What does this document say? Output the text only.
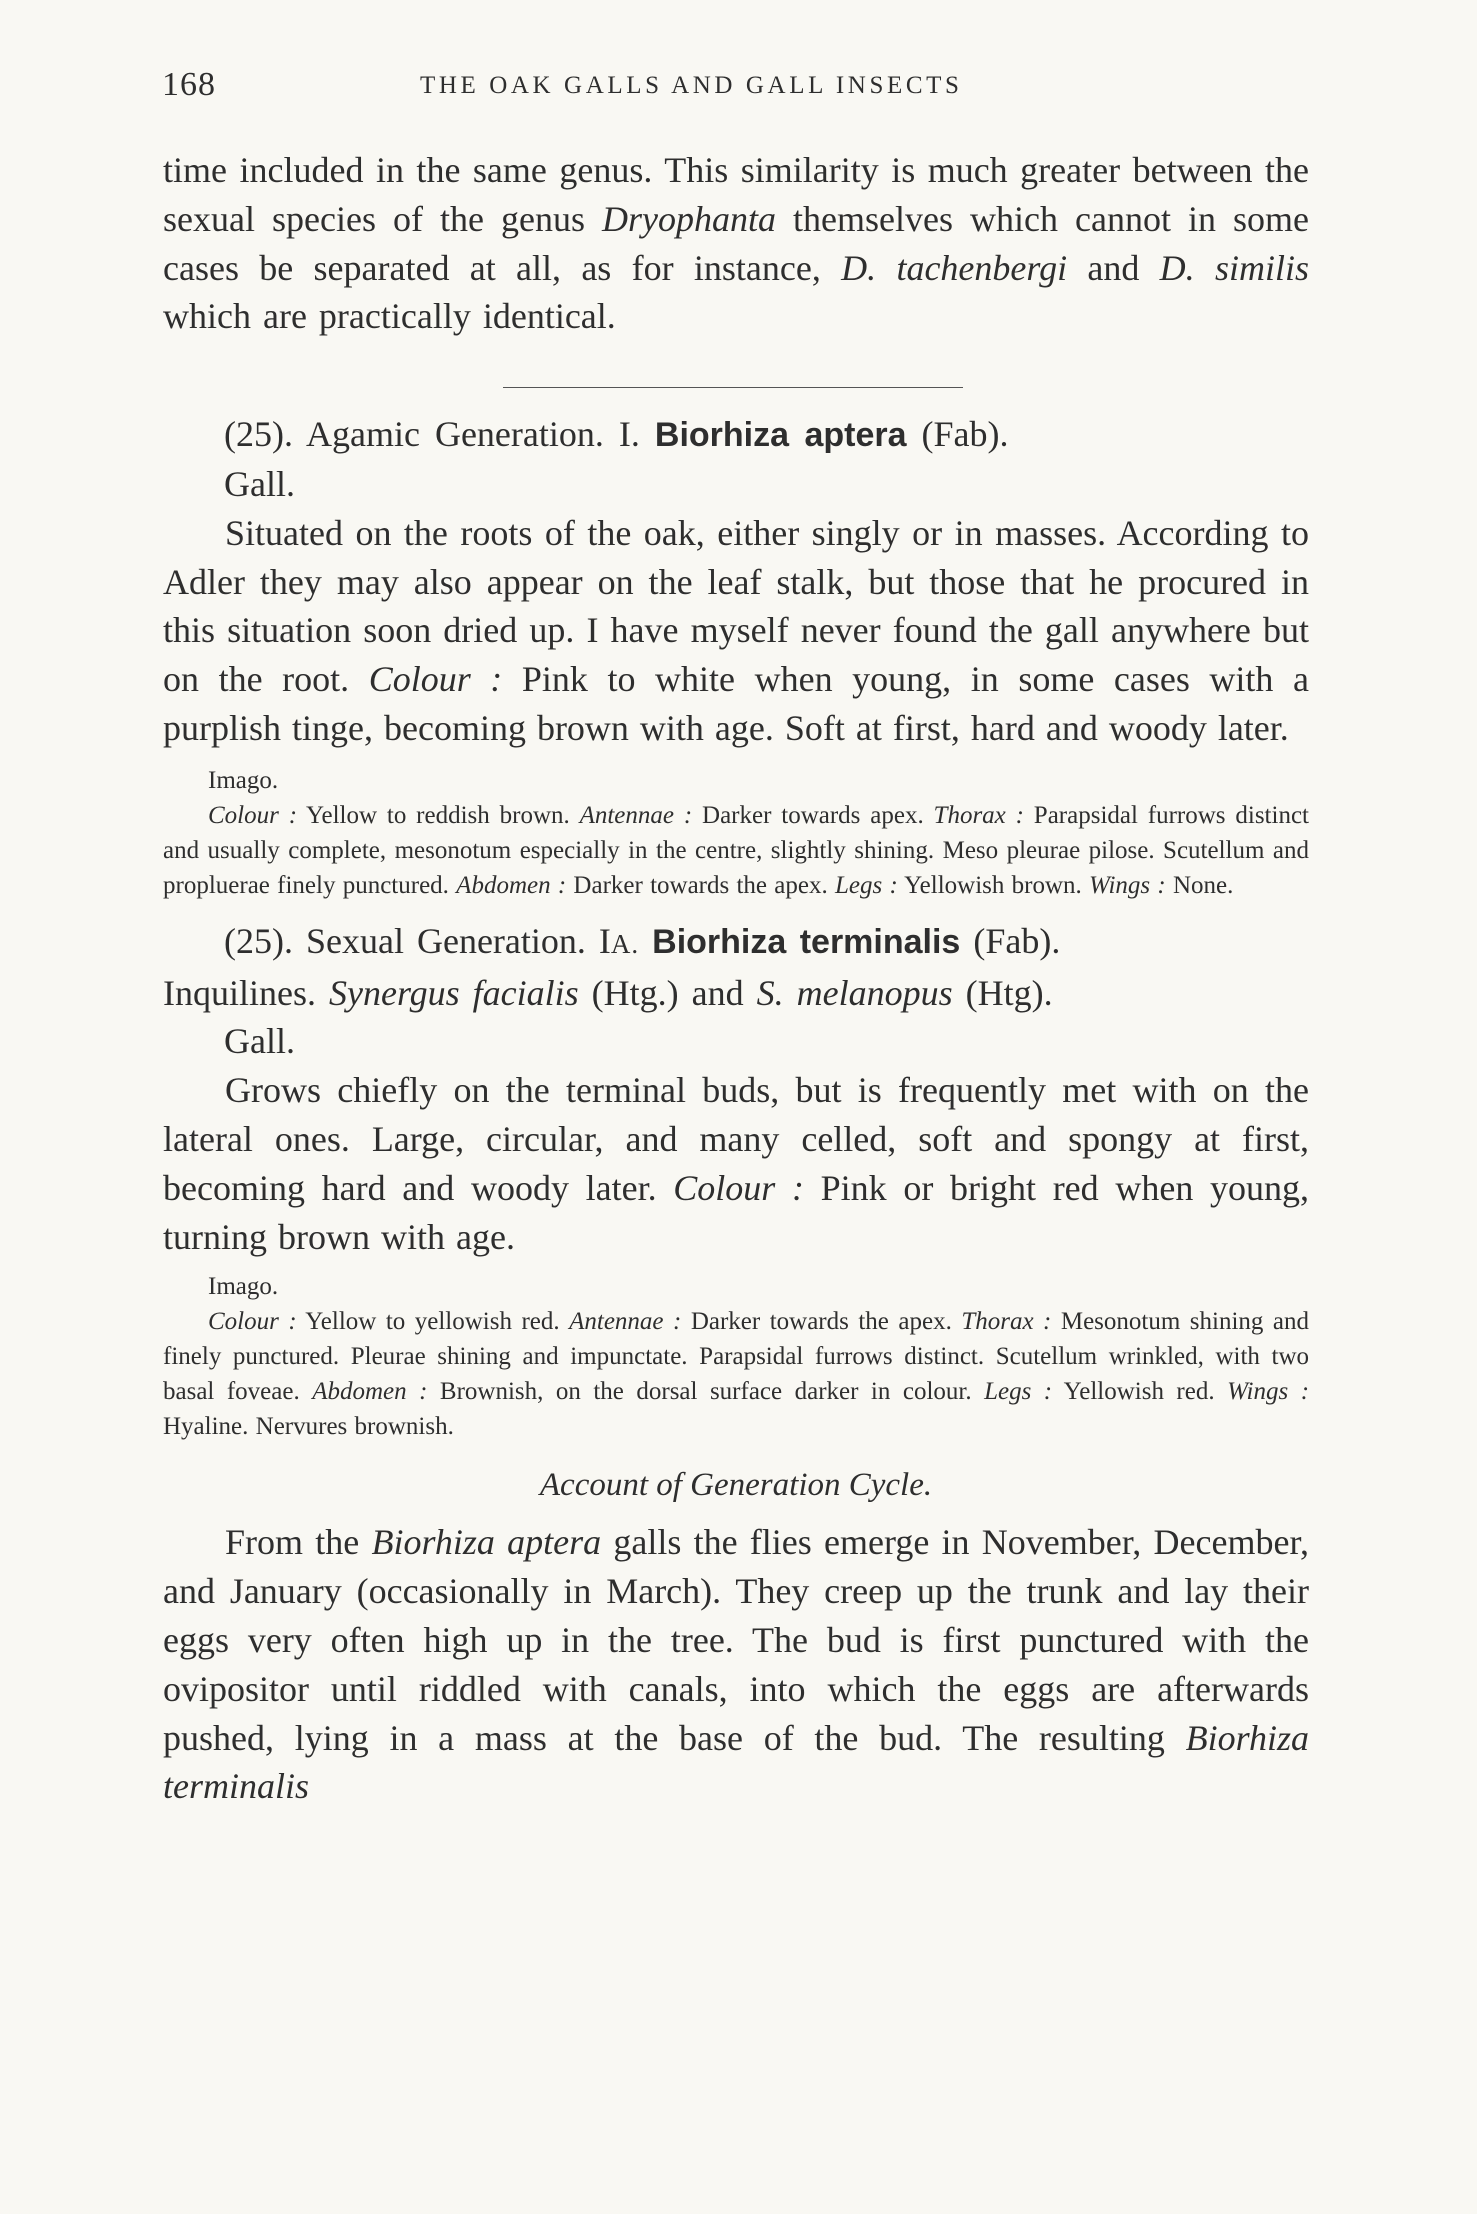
168	THE OAK GALLS AND GALL INSECTS

time included in the same genus. This similarity is much greater between the sexual species of the genus Dryophanta themselves which cannot in some cases be separated at all, as for instance, D. tachenbergi and D. similis which are practically identical.

(25). Agamic Generation. I. Biorhiza aptera (Fab).

Gall.

Situated on the roots of the oak, either singly or in masses. According to Adler they may also appear on the leaf stalk, but those that he procured in this situation soon dried up. I have myself never found the gall anywhere but on the root. Colour : Pink to white when young, in some cases with a purplish tinge, becoming brown with age. Soft at first, hard and woody later.

Imago.

Colour : Yellow to reddish brown. Antennae : Darker towards apex. Thorax : Parapsidal furrows distinct and usually complete, mesonotum especially in the centre, slightly shining. Meso pleurae pilose. Scutellum and propluerae finely punctured. Abdomen : Darker towards the apex. Legs : Yellowish brown. Wings : None.

(25). Sexual Generation. IA. Biorhiza terminalis (Fab).

Inquilines. Synergus facialis (Htg.) and S. melanopus (Htg).

Gall.

Grows chiefly on the terminal buds, but is frequently met with on the lateral ones. Large, circular, and many celled, soft and spongy at first, becoming hard and woody later. Colour : Pink or bright red when young, turning brown with age.

Imago.

Colour : Yellow to yellowish red. Antennae : Darker towards the apex. Thorax : Mesonotum shining and finely punctured. Pleurae shining and impunctate. Parapsidal furrows distinct. Scutellum wrinkled, with two basal foveae. Abdomen : Brownish, on the dorsal surface darker in colour. Legs : Yellowish red. Wings : Hyaline. Nervures brownish.

Account of Generation Cycle.

From the Biorhiza aptera galls the flies emerge in November, December, and January (occasionally in March). They creep up the trunk and lay their eggs very often high up in the tree. The bud is first punctured with the ovipositor until riddled with canals, into which the eggs are afterwards pushed, lying in a mass at the base of the bud. The resulting Biorhiza terminalis
